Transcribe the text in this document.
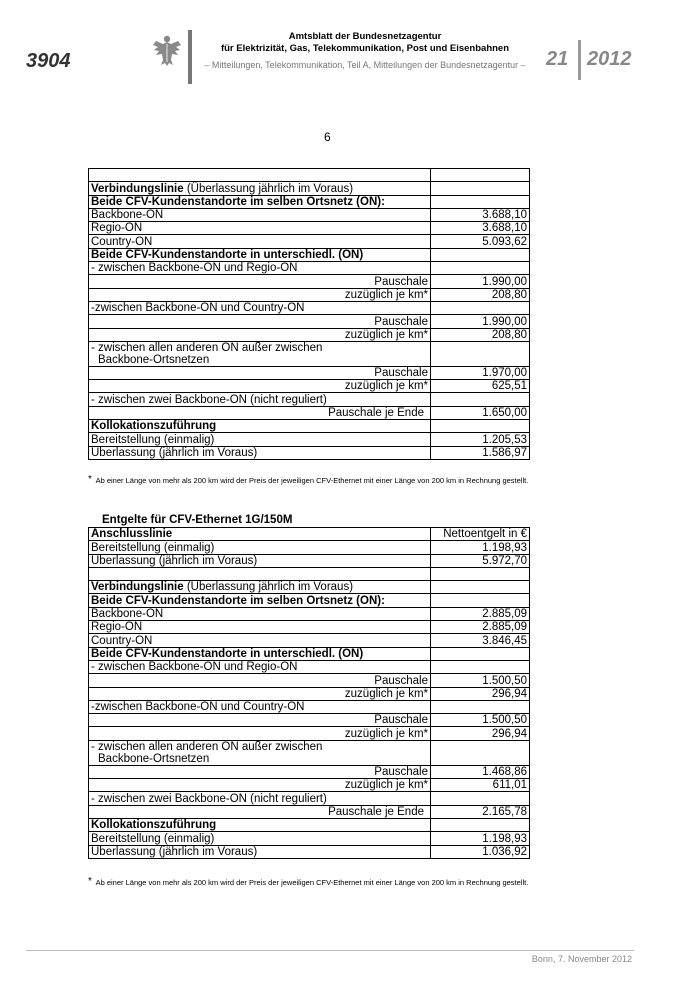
3904
Amtsblatt der Bundesnetzagentur
für Elektrizität, Gas, Telekommunikation, Post und Eisenbahnen
– Mitteilungen, Telekommunikation, Teil A, Mitteilungen der Bundesnetzagentur –	21 2012
6

Verbindungslinie (Überlassung jährlich im Voraus)	
Beide CFV-Kundenstandorte im selben Ortsnetz (ON):	
Backbone-ON	3.688,10
Regio-ON	3.688,10
Country-ON	5.093,62
Beide CFV-Kundenstandorte in unterschiedl. (ON)	
- zwischen Backbone-ON und Regio-ON	
Pauschale	1.990,00
zuzüglich je km*	208,80
-zwischen Backbone-ON und Country-ON	
Pauschale	1.990,00
zuzüglich je km*	208,80

- zwischen allen anderen ON außer zwischen
Backbone-Ortsnetzen	

Pauschale	1.970,00
zuzüglich je km*	625,51
- zwischen zwei Backbone-ON (nicht reguliert)	
Pauschale je Ende	1.650,00
Kollokationszuführung	
Bereitstellung (einmalig)	1.205,53
Überlassung (jährlich im Voraus)	1.586,97
* Ab einer Länge von mehr als 200 km wird der Preis der jeweiligen CFV-Ethernet mit einer Länge von 200 km in Rechnung gestellt.
Entgelte für CFV-Ethernet 1G/150M
Anschlusslinie	Nettoentgelt in €
Bereitstellung (einmalig)	1.198,93
Überlassung (jährlich im Voraus)	5.972,70

Verbindungslinie (Überlassung jährlich im Voraus)	
Beide CFV-Kundenstandorte im selben Ortsnetz (ON):	
Backbone-ON	2.885,09
Regio-ON	2.885,09
Country-ON	3.846,45
Beide CFV-Kundenstandorte in unterschiedl. (ON)	
- zwischen Backbone-ON und Regio-ON	
Pauschale	1.500,50
zuzüglich je km*	296,94
-zwischen Backbone-ON und Country-ON	
Pauschale	1.500,50
zuzüglich je km*	296,94

- zwischen allen anderen ON außer zwischen
Backbone-Ortsnetzen	

Pauschale	1.468,86
zuzüglich je km*	611,01
- zwischen zwei Backbone-ON (nicht reguliert)	
Pauschale je Ende	2.165,78
Kollokationszuführung	
Bereitstellung (einmalig)	1.198,93
Überlassung (jährlich im Voraus)	1.036,92
* Ab einer Länge von mehr als 200 km wird der Preis der jeweiligen CFV-Ethernet mit einer Länge von 200 km in Rechnung gestellt.
Bonn, 7. November 2012
